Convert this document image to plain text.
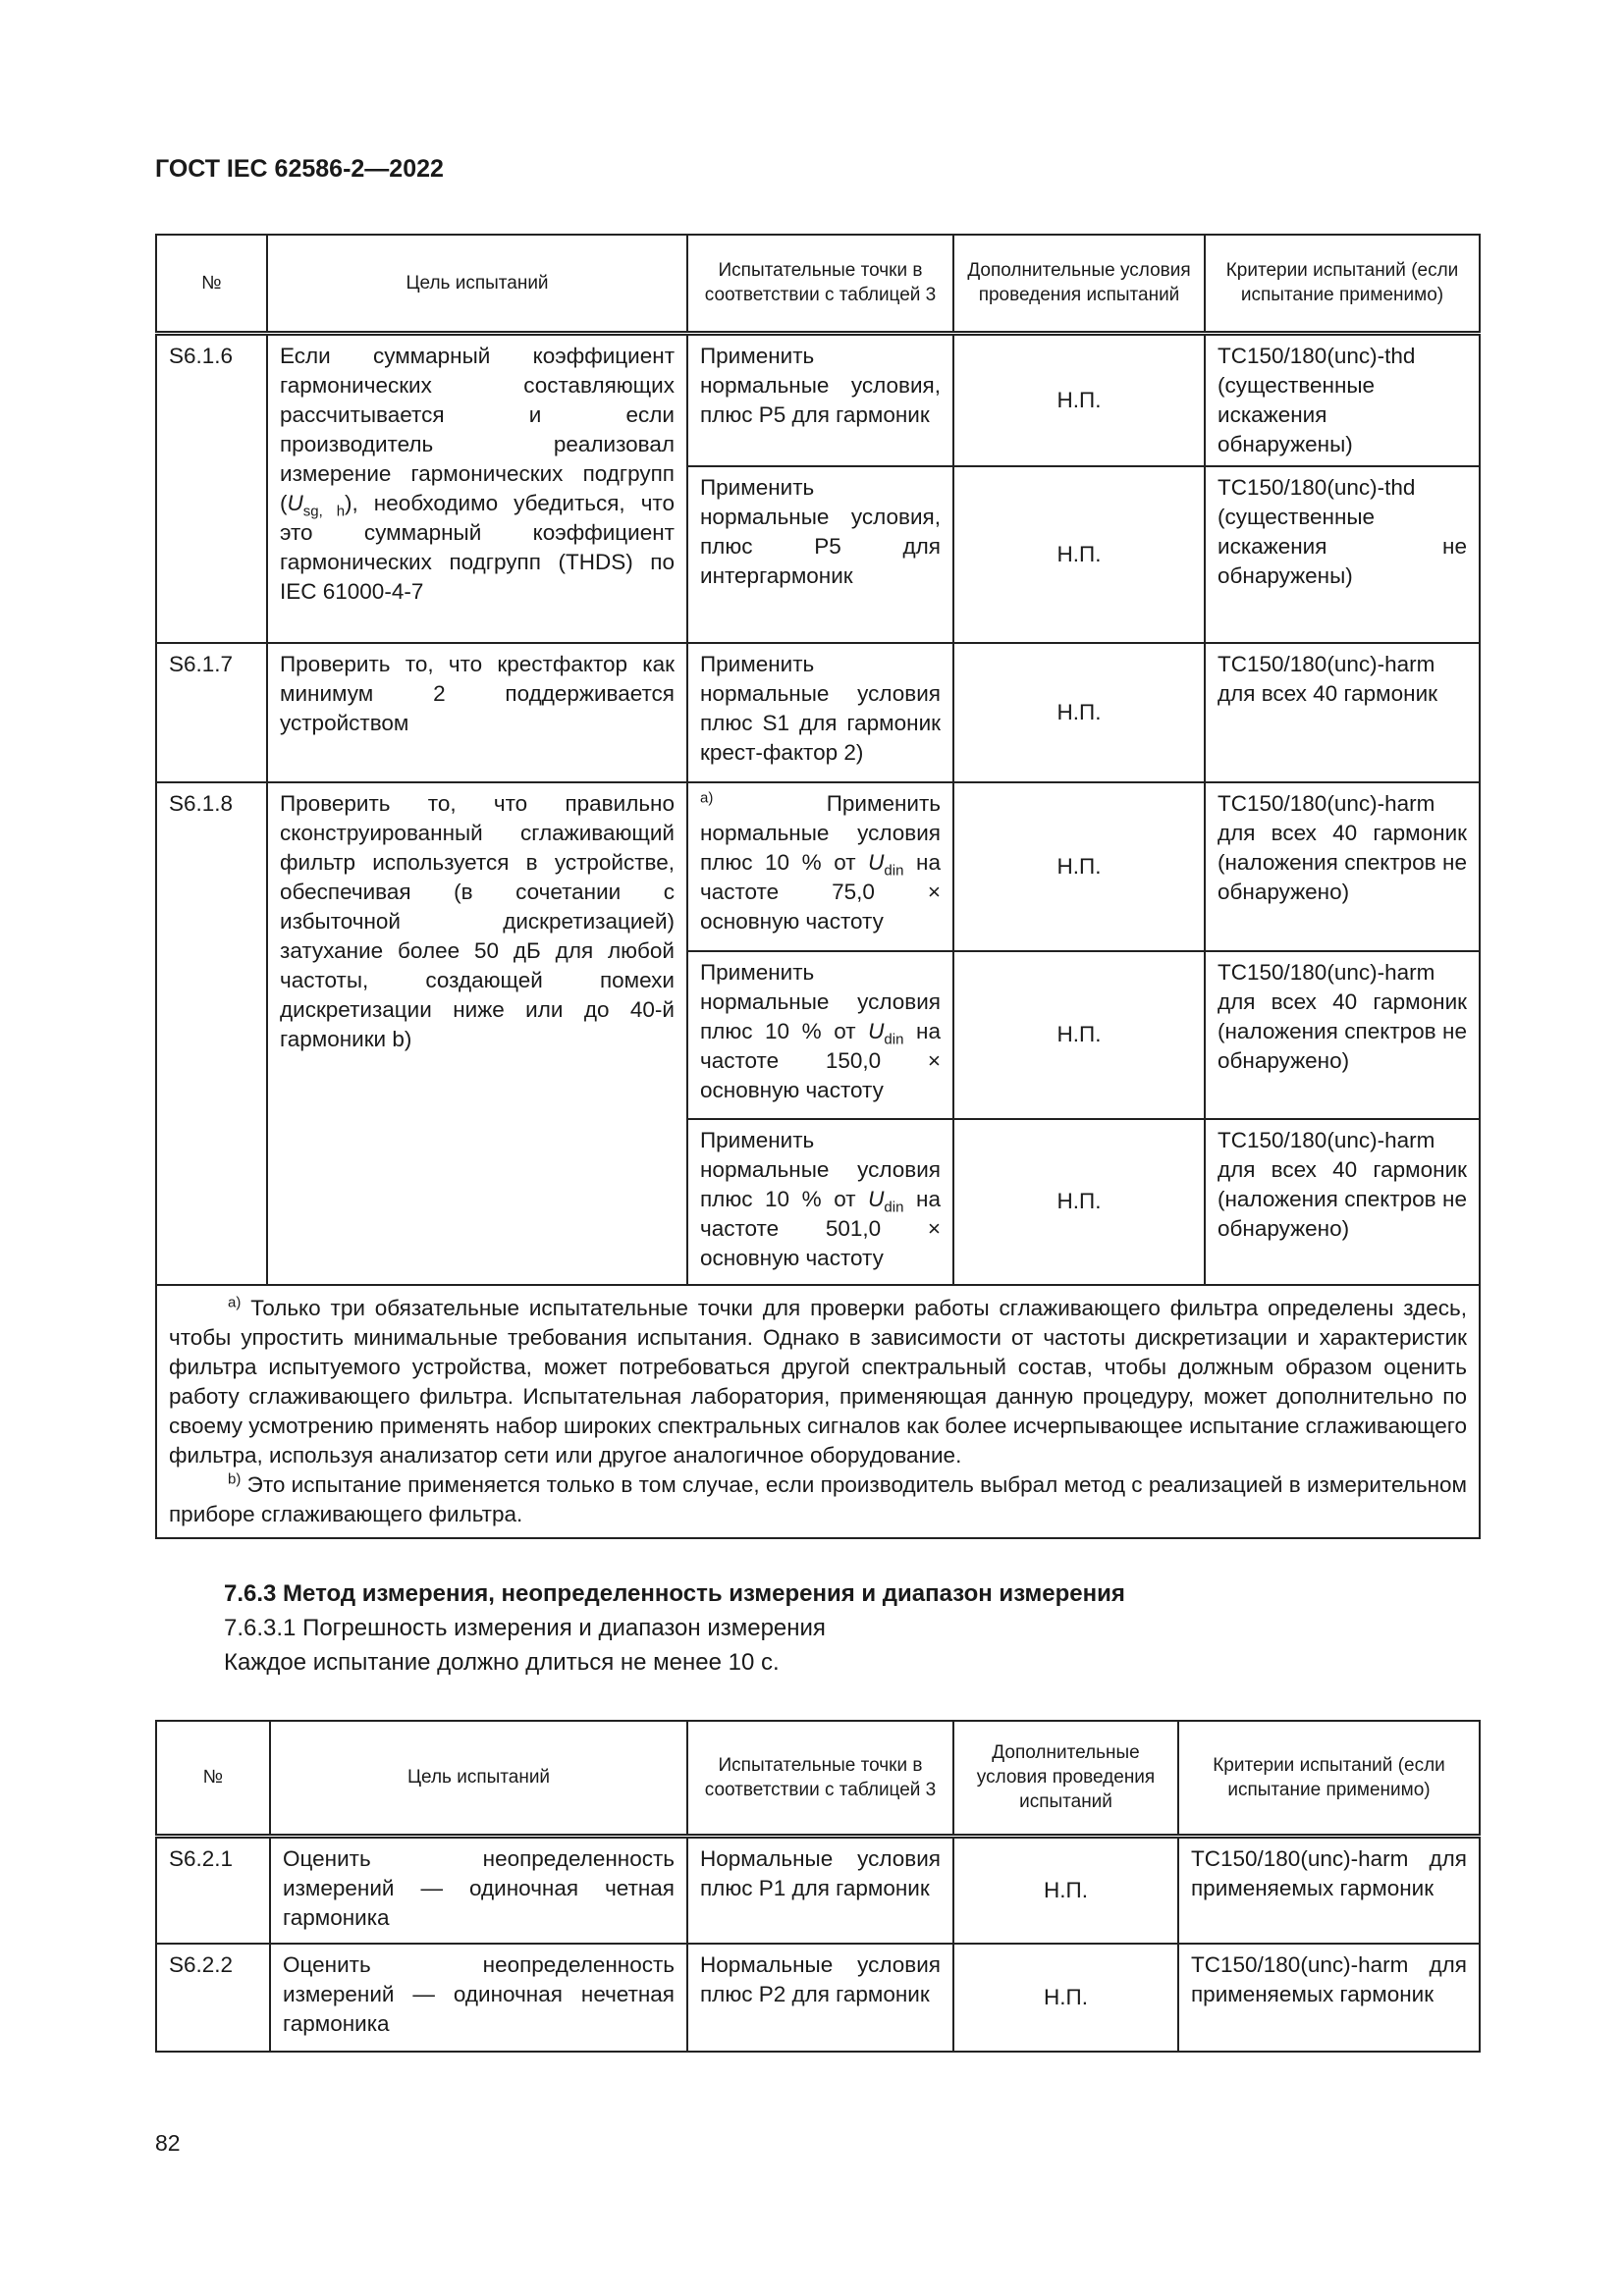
ГОСТ IEC 62586-2—2022
№	Цель испытаний	Испытательные точки в соответствии с таблицей 3	Дополнительные условия проведения испытаний	Критерии испытаний (если испытание применимо)
S6.1.6	Если суммарный коэффициент гармонических составляющих рассчитывается и если производитель реализовал измерение гармонических подгрупп $(U_{sg, h})$, необходимо убедиться, что это суммарный коэффициент гармонических подгрупп (THDS) по IEC 61000-4-7	Применить нормальные условия, плюс P5 для гармоник	Н.П.	TC150/180(unc)-thd (существенные искажения обнаружены)
		Применить нормальные условия, плюс P5 для интергармоник	Н.П.	TC150/180(unc)-thd (существенные искажения не обнаружены)
S6.1.7	Проверить то, что крестфактор как минимум 2 поддерживается устройством	Применить нормальные условия плюс S1 для гармоник крест-фактор 2)	Н.П.	TC150/180(unc)-harm для всех 40 гармоник
S6.1.8	Проверить то, что правильно сконструированный сглаживающий фильтр используется в устройстве, обеспечивая (в сочетании с избыточной дискретизацией) затухание более 50 дБ для любой частоты, создающей помехи дискретизации ниже или до 40-й гармоники b)	$^{a)}$ Применить нормальные условия плюс 10 % от $U_{din}$ на частоте 75,0 × основную частоту	Н.П.	TC150/180(unc)-harm для всех 40 гармоник (наложения спектров не обнаружено)
		Применить нормальные условия плюс 10 % от $U_{din}$ на частоте 150,0 × основную частоту	Н.П.	TC150/180(unc)-harm для всех 40 гармоник (наложения спектров не обнаружено)
		Применить нормальные условия плюс 10 % от $U_{din}$ на частоте 501,0 × основную частоту	Н.П.	TC150/180(unc)-harm для всех 40 гармоник (наложения спектров не обнаружено)

$^{a)}$ Только три обязательные испытательные точки для проверки работы сглаживающего фильтра определены здесь, чтобы упростить минимальные требования испытания. Однако в зависимости от частоты дискретизации и характеристик фильтра испытуемого устройства, может потребоваться другой спектральный состав, чтобы должным образом оценить работу сглаживающего фильтра. Испытательная лаборатория, применяющая данную процедуру, может дополнительно по своему усмотрению применять набор широких спектральных сигналов как более исчерпывающее испытание сглаживающего фильтра, используя анализатор сети или другое аналогичное оборудование.

$^{b)}$ Это испытание применяется только в том случае, если производитель выбрал метод с реализацией в измерительном приборе сглаживающего фильтра.				

7.6.3 Метод измерения, неопределенность измерения и диапазон измерения
7.6.3.1 Погрешность измерения и диапазон измерения
Каждое испытание должно длиться не менее 10 с.
№	Цель испытаний	Испытательные точки в соответствии с таблицей 3	Дополнительные условия проведения испытаний	Критерии испытаний (если испытание применимо)
S6.2.1	Оценить неопределенность измерений — одиночная четная гармоника	Нормальные условия плюс P1 для гармоник	Н.П.	TC150/180(unc)-harm для применяемых гармоник
S6.2.2	Оценить неопределенность измерений — одиночная нечетная гармоника	Нормальные условия плюс P2 для гармоник	Н.П.	TC150/180(unc)-harm для применяемых гармоник
82
